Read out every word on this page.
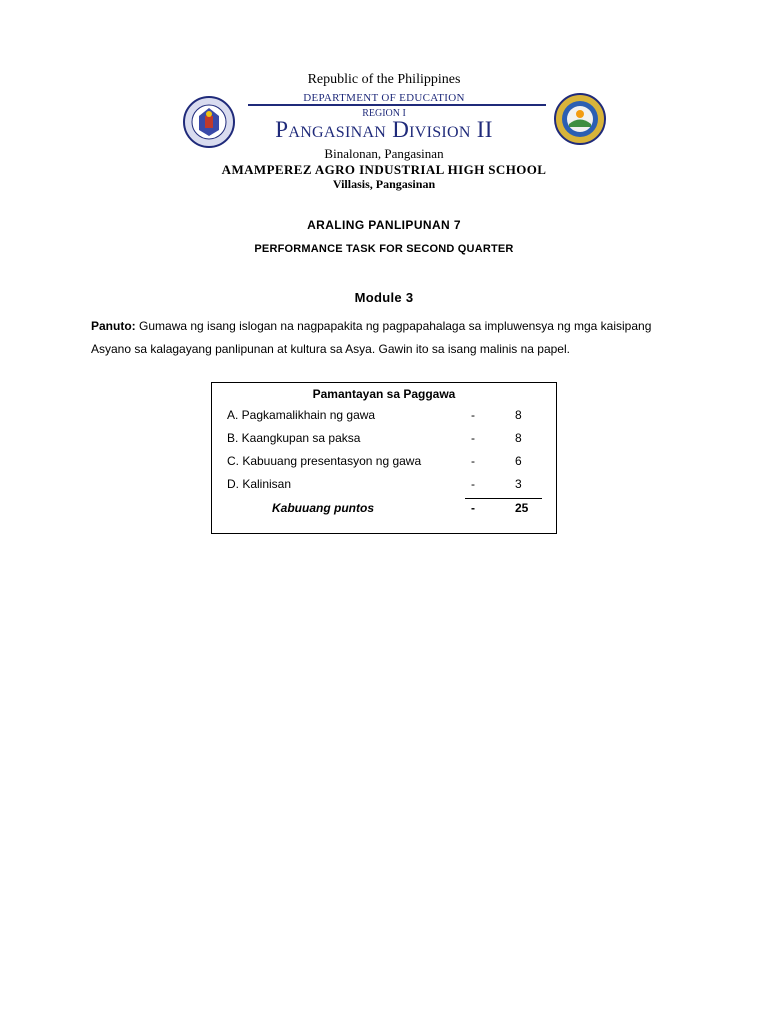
Republic of the Philippines
DEPARTMENT OF EDUCATION
REGION I
Pangasinan Division II
Binalonan, Pangasinan
AMAMPEREZ AGRO INDUSTRIAL HIGH SCHOOL
Villasis, Pangasinan
ARALING PANLIPUNAN 7
PERFORMANCE TASK FOR SECOND QUARTER
Module 3
Panuto: Gumawa ng isang islogan na nagpapakita ng pagpapahalaga sa impluwensya ng mga kaisipang Asyano sa kalagayang panlipunan at kultura sa Asya. Gawin ito sa isang malinis na papel.
Pamantayan sa Paggawa
A. Pagkamalikhain ng gawa	-	8
B. Kaangkupan sa paksa	-	8
C. Kabuuang presentasyon ng gawa	-	6
D. Kalinisan	-	3
Kabuuang puntos	-	25
